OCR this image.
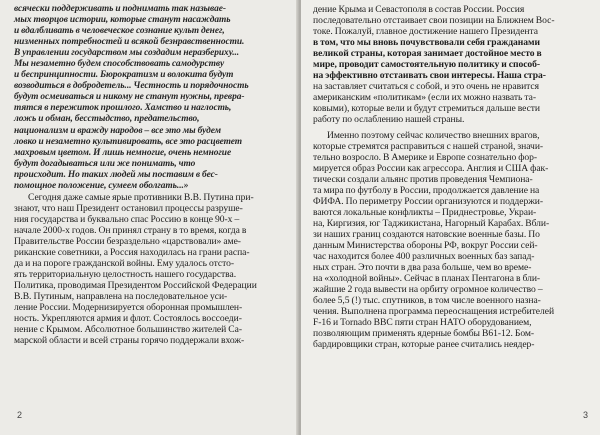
всячески поддерживать и поднимать так называе-

мых творцов истории, которые станут насаждать

и вдалбливать в человеческое сознание культ денег,

низменных потребностей и всякой безнравственности.

В управлении государством мы создадим неразбериху...

Мы незаметно будем способствовать самодурству

и беспринципности. Бюрократизм и волокита будут

возводиться в добродетель... Честность и порядочность

будут осмеиваться и никому не станут нужны, превра-

тятся в пережиток прошлого. Хамство и наглость,

ложь и обман, бесстыдство, предательство,

национализм и вражду народов – все это мы будем

ловко и незаметно культивировать, все это расцветет

махровым цветом. И лишь немногие, очень немногие

будут догадываться или же понимать, что

происходит. Но таких людей мы поставим в бес-

помощное положение, сумеем оболгать...»

Сегодня даже самые ярые противники В.В. Путина при-

знают, что наш Президент остановил процессы разруше-

ния государства и буквально спас Россию в конце 90-х –

начале 2000-х годов. Он принял страну в то время, когда в

Правительстве России безраздельно «царствовали» аме-

риканские советники, а Россия находилась на грани распа-

да и на пороге гражданской войны. Ему удалось отсто-

ять территориальную целостность нашего государства.

Политика, проводимая Президентом Российской Федерации

В.В. Путиным, направлена на последовательное уси-

ление России. Модернизируется оборонная промышлен-

ность. Укрепляются армия и флот. Состоялось воссоеди-

нение с Крымом. Абсолютное большинство жителей Са-

марской области и всей страны горячо поддержали вхож-

2

дение Крыма и Севастополя в состав России. Россия

последовательно отстаивает свои позиции на Ближнем Вос-

токе. Пожалуй, главное достижение нашего Президента

в том, что мы вновь почувствовали себя гражданами

великой страны, которая занимает достойное место в

мире, проводит самостоятельную политику и способ-

на эффективно отстаивать свои интересы. Наша стра-

на заставляет считаться с собой, и это очень не нравится

американским «политикам» (если их можно назвать та-

ковыми), которые вели и будут стремиться дальше вести

работу по ослаблению нашей страны.

Именно поэтому сейчас количество внешних врагов,

которые стремятся расправиться с нашей страной, значи-

тельно возросло. В Америке и Европе сознательно фор-

мируется образ России как агрессора. Англия и США фак-

тически создали альянс против проведения Чемпиона-

та мира по футболу в России, продолжается давление на

ФИФА. По периметру России организуются и поддержи-

ваются локальные конфликты – Приднестровье, Украи-

на, Киргизия, юг Таджикистана, Нагорный Карабах. Вбли-

зи наших границ создаются натовские военные базы. По

данным Министерства обороны РФ, вокруг России сей-

час находится более 400 различных военных баз запад-

ных стран. Это почти в два раза больше, чем во време-

на «холодной войны». Сейчас в планах Пентагона в бли-

жайшие 2 года вывести на орбиту огромное количество –

более 5,5 (!) тыс. спутников, в том числе военного назна-

чения. Выполнена программа переоснащения истребителей

F-16 и Tornado ВВС пяти стран НАТО оборудованием,

позволяющим применять ядерные бомбы В61-12. Бом-

бардировщики стран, которые ранее считались неядер-

3
